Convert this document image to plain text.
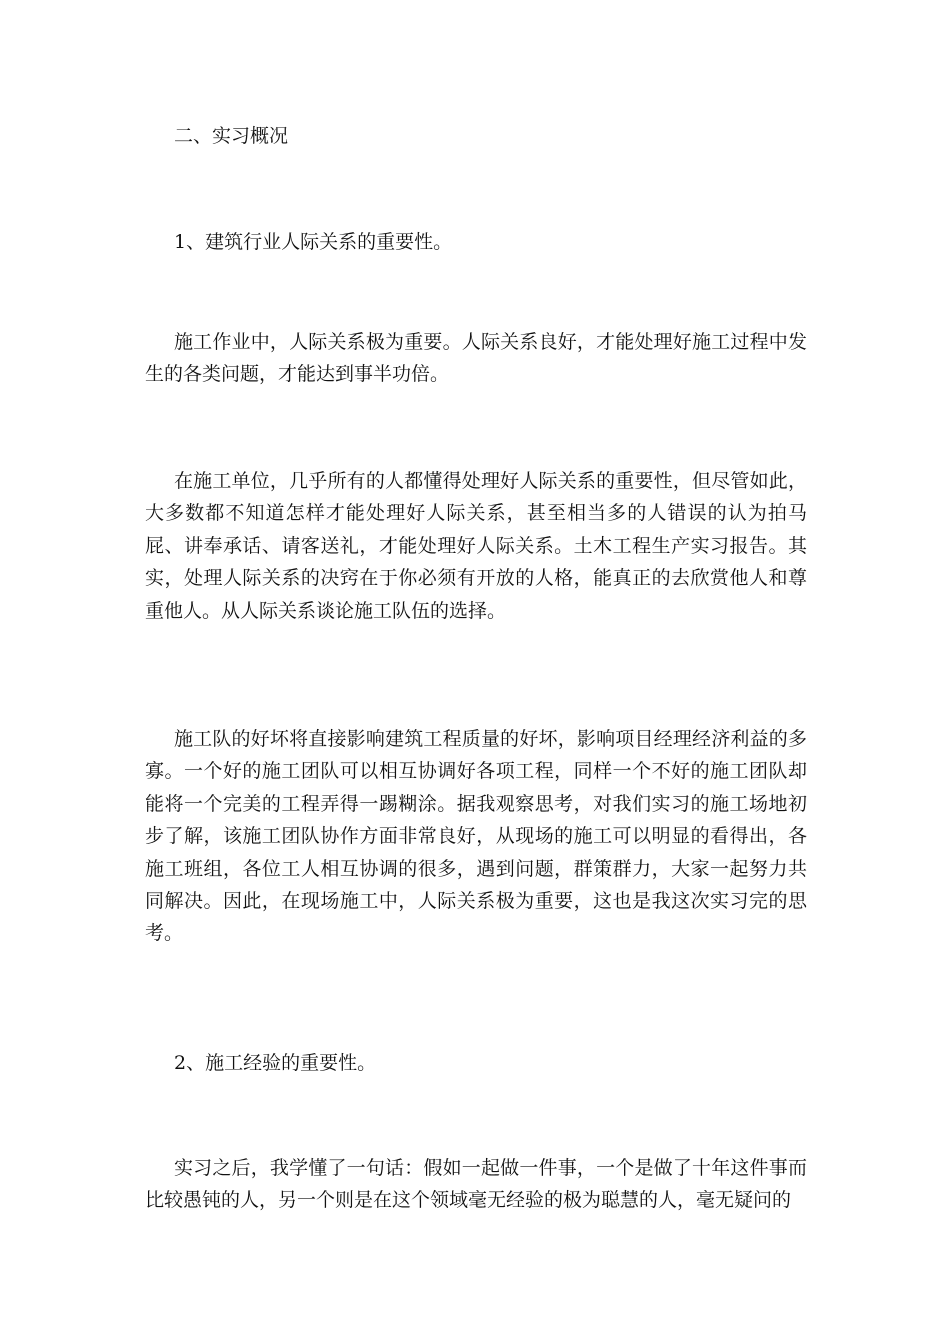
二、实习概况

1、建筑行业人际关系的重要性。

施工作业中，人际关系极为重要。人际关系良好，才能处理好施工过程中发生的各类问题，才能达到事半功倍。

在施工单位，几乎所有的人都懂得处理好人际关系的重要性，但尽管如此，大多数都不知道怎样才能处理好人际关系，甚至相当多的人错误的认为拍马屁、讲奉承话、请客送礼，才能处理好人际关系。土木工程生产实习报告。其实，处理人际关系的决窍在于你必须有开放的人格，能真正的去欣赏他人和尊重他人。从人际关系谈论施工队伍的选择。

施工队的好坏将直接影响建筑工程质量的好坏，影响项目经理经济利益的多寡。一个好的施工团队可以相互协调好各项工程，同样一个不好的施工团队却能将一个完美的工程弄得一踢糊涂。据我观察思考，对我们实习的施工场地初步了解，该施工团队协作方面非常良好，从现场的施工可以明显的看得出，各施工班组，各位工人相互协调的很多，遇到问题，群策群力，大家一起努力共同解决。因此，在现场施工中，人际关系极为重要，这也是我这次实习完的思考。

2、施工经验的重要性。

实习之后，我学懂了一句话：假如一起做一件事，一个是做了十年这件事而比较愚钝的人，另一个则是在这个领域毫无经验的极为聪慧的人，毫无疑问的
